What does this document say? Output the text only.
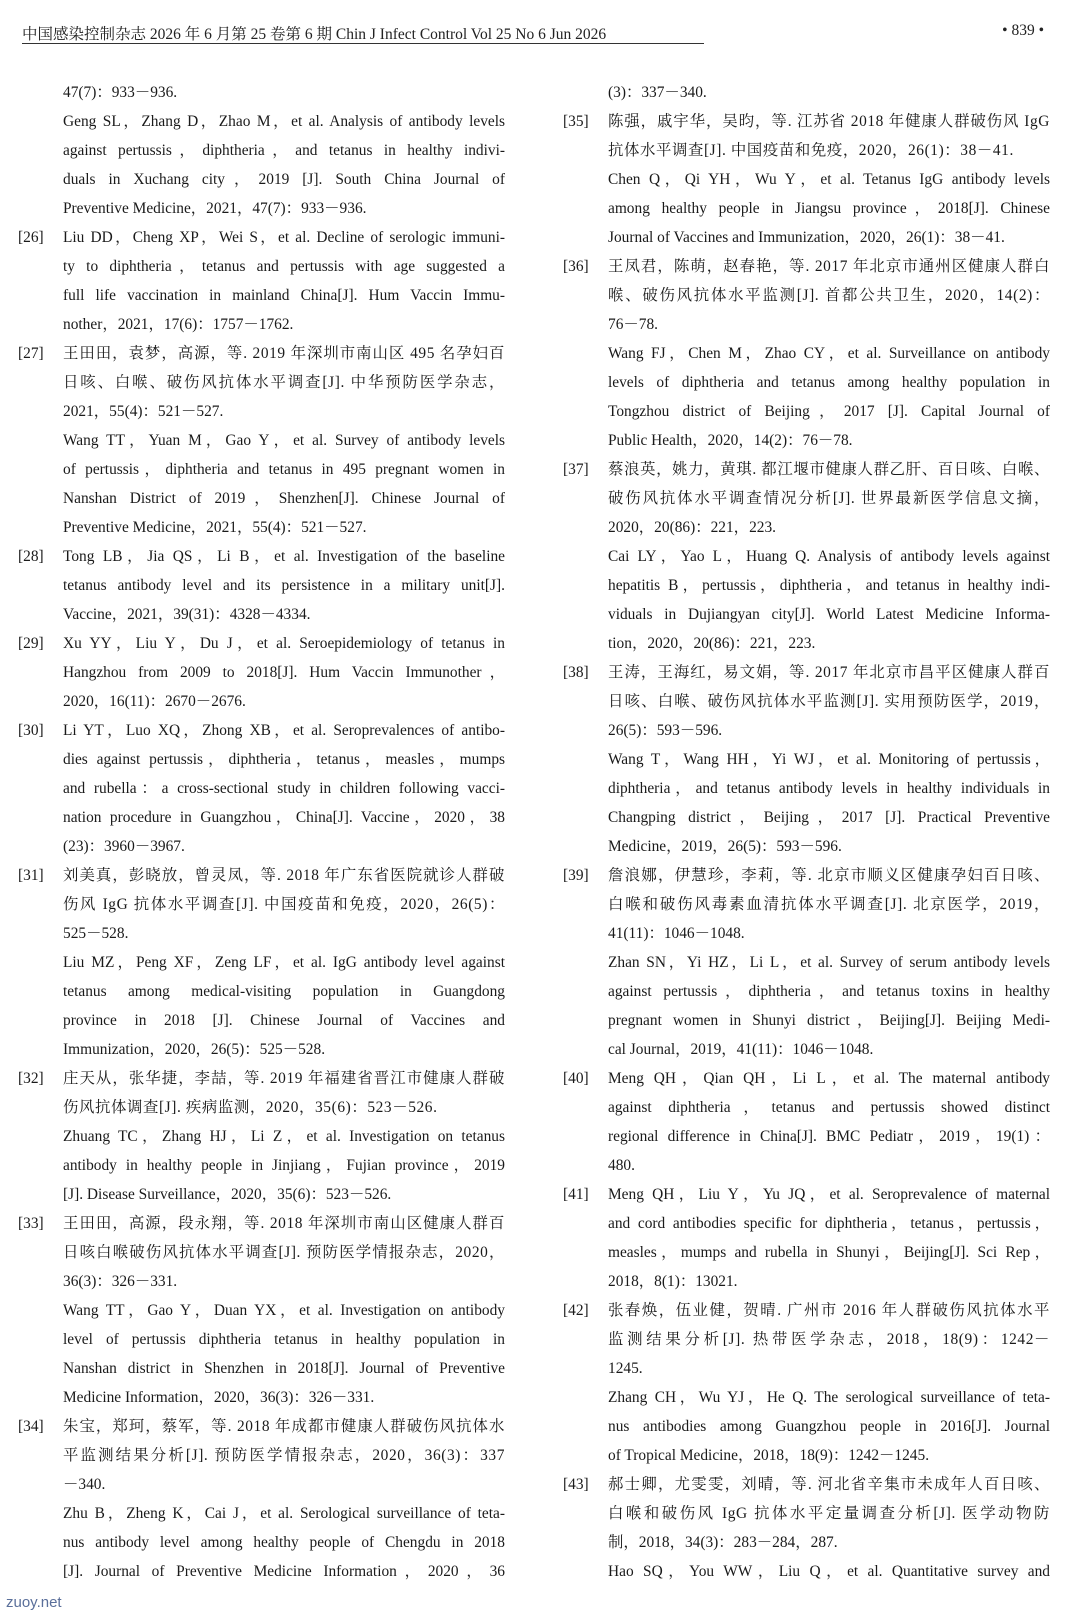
中国感染控制杂志 2026 年 6 月第 25 卷第 6 期 Chin J Infect Control Vol 25 No 6 Jun 2026	• 839 •
47(7)：933－936.
Geng SL，Zhang D，Zhao M，et al. Analysis of antibody levels
against pertussis，diphtheria，and tetanus in healthy indivi-
duals in Xuchang city，2019 [J]. South China Journal of
Preventive Medicine，2021，47(7)：933－936.
[26] Liu DD，Cheng XP，Wei S，et al. Decline of serologic immuni-
ty to diphtheria，tetanus and pertussis with age suggested a
full life vaccination in mainland China[J]. Hum Vaccin Immu-
nother，2021，17(6)：1757－1762.
[27] 王田田，袁梦，高源，等. 2019 年深圳市南山区 495 名孕妇百
日咳、白喉、破伤风抗体水平调查[J]. 中华预防医学杂志，
2021，55(4)：521－527.
Wang TT，Yuan M，Gao Y，et al. Survey of antibody levels
of pertussis，diphtheria and tetanus in 495 pregnant women in
Nanshan District of 2019，Shenzhen[J]. Chinese Journal of
Preventive Medicine，2021，55(4)：521－527.
[28] Tong LB，Jia QS，Li B，et al. Investigation of the baseline
tetanus antibody level and its persistence in a military unit[J].
Vaccine，2021，39(31)：4328－4334.
[29] Xu YY，Liu Y，Du J，et al. Seroepidemiology of tetanus in
Hangzhou from 2009 to 2018[J]. Hum Vaccin Immunother，
2020，16(11)：2670－2676.
[30] Li YT，Luo XQ，Zhong XB，et al. Seroprevalences of antibo-
dies against pertussis，diphtheria，tetanus，measles，mumps
and rubella：a cross-sectional study in children following vacci-
nation procedure in Guangzhou，China[J]. Vaccine，2020，38
(23)：3960－3967.
[31] 刘美真，彭晓放，曾灵凤，等. 2018 年广东省医院就诊人群破
伤风 IgG 抗体水平调查[J]. 中国疫苗和免疫，2020，26(5)：
525－528.
Liu MZ，Peng XF，Zeng LF，et al. IgG antibody level against
tetanus among medical-visiting population in Guangdong
province in 2018 [J]. Chinese Journal of Vaccines and
Immunization，2020，26(5)：525－528.
[32] 庄天从，张华捷，李喆，等. 2019 年福建省晋江市健康人群破
伤风抗体调查[J]. 疾病监测，2020，35(6)：523－526.
Zhuang TC，Zhang HJ，Li Z，et al. Investigation on tetanus
antibody in healthy people in Jinjiang，Fujian province，2019
[J]. Disease Surveillance，2020，35(6)：523－526.
[33] 王田田，高源，段永翔，等. 2018 年深圳市南山区健康人群百
日咳白喉破伤风抗体水平调查[J]. 预防医学情报杂志，2020，
36(3)：326－331.
Wang TT，Gao Y，Duan YX，et al. Investigation on antibody
level of pertussis diphtheria tetanus in healthy population in
Nanshan district in Shenzhen in 2018[J]. Journal of Preventive
Medicine Information，2020，36(3)：326－331.
[34] 朱宝，郑珂，蔡军，等. 2018 年成都市健康人群破伤风抗体水
平监测结果分析[J]. 预防医学情报杂志，2020，36(3)：337
－340.
Zhu B，Zheng K，Cai J，et al. Serological surveillance of teta-
nus antibody level among healthy people of Chengdu in 2018
[J]. Journal of Preventive Medicine Information，2020，36
(3)：337－340.
[35] 陈强，戚宇华，吴昀，等. 江苏省 2018 年健康人群破伤风 IgG
抗体水平调查[J]. 中国疫苗和免疫，2020，26(1)：38－41.
Chen Q，Qi YH，Wu Y，et al. Tetanus IgG antibody levels
among healthy people in Jiangsu province，2018[J]. Chinese
Journal of Vaccines and Immunization，2020，26(1)：38－41.
[36] 王凤君，陈萌，赵春艳，等. 2017 年北京市通州区健康人群白
喉、破伤风抗体水平监测[J]. 首都公共卫生，2020，14(2)：
76－78.
Wang FJ，Chen M，Zhao CY，et al. Surveillance on antibody
levels of diphtheria and tetanus among healthy population in
Tongzhou district of Beijing，2017 [J]. Capital Journal of
Public Health，2020，14(2)：76－78.
[37] 蔡浪英，姚力，黄琪. 都江堰市健康人群乙肝、百日咳、白喉、
破伤风抗体水平调查情况分析[J]. 世界最新医学信息文摘，
2020，20(86)：221，223.
Cai LY，Yao L，Huang Q. Analysis of antibody levels against
hepatitis B，pertussis，diphtheria，and tetanus in healthy indi-
viduals in Dujiangyan city[J]. World Latest Medicine Informa-
tion，2020，20(86)：221，223.
[38] 王涛，王海红，易文娟，等. 2017 年北京市昌平区健康人群百
日咳、白喉、破伤风抗体水平监测[J]. 实用预防医学，2019，
26(5)：593－596.
Wang T，Wang HH，Yi WJ，et al. Monitoring of pertussis，
diphtheria，and tetanus antibody levels in healthy individuals in
Changping district，Beijing，2017 [J]. Practical Preventive
Medicine，2019，26(5)：593－596.
[39] 詹浪娜，伊慧珍，李莉，等. 北京市顺义区健康孕妇百日咳、
白喉和破伤风毒素血清抗体水平调查[J]. 北京医学，2019，
41(11)：1046－1048.
Zhan SN，Yi HZ，Li L，et al. Survey of serum antibody levels
against pertussis，diphtheria，and tetanus toxins in healthy
pregnant women in Shunyi district，Beijing[J]. Beijing Medi-
cal Journal，2019，41(11)：1046－1048.
[40] Meng QH，Qian QH，Li L，et al. The maternal antibody
against diphtheria，tetanus and pertussis showed distinct
regional difference in China[J]. BMC Pediatr，2019，19(1)：
480.
[41] Meng QH，Liu Y，Yu JQ，et al. Seroprevalence of maternal
and cord antibodies specific for diphtheria，tetanus，pertussis，
measles，mumps and rubella in Shunyi，Beijing[J]. Sci Rep，
2018，8(1)：13021.
[42] 张春焕，伍业健，贺晴. 广州市 2016 年人群破伤风抗体水平
监测结果分析[J]. 热带医学杂志，2018，18(9)：1242－
1245.
Zhang CH，Wu YJ，He Q. The serological surveillance of teta-
nus antibodies among Guangzhou people in 2016[J]. Journal
of Tropical Medicine，2018，18(9)：1242－1245.
[43] 郝士卿，尤雯雯，刘晴，等. 河北省辛集市未成年人百日咳、
白喉和破伤风 IgG 抗体水平定量调查分析[J]. 医学动物防
制，2018，34(3)：283－284，287.
Hao SQ，You WW，Liu Q，et al. Quantitative survey and
zuoy.net
